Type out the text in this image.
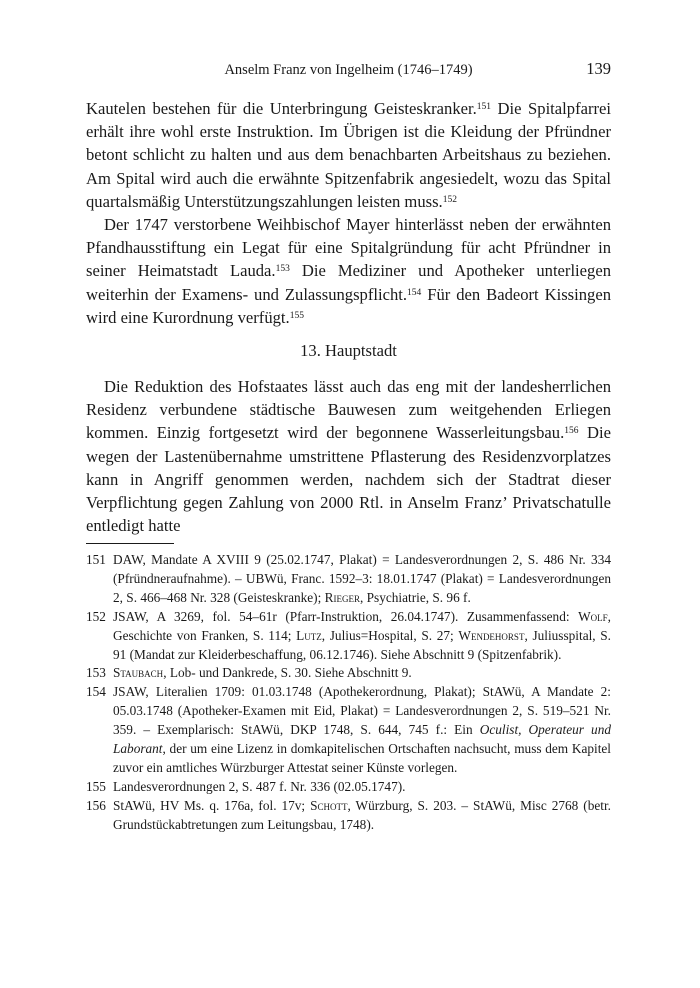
Anselm Franz von Ingelheim (1746–1749)	139

Kautelen bestehen für die Unterbringung Geisteskranker.$^{151}$ Die Spitalpfarrei erhält ihre wohl erste Instruktion. Im Übrigen ist die Kleidung der Pfründner betont schlicht zu halten und aus dem benachbarten Arbeitshaus zu beziehen. Am Spital wird auch die erwähnte Spitzenfabrik angesiedelt, wozu das Spital quartalsmäßig Unterstützungszahlungen leisten muss.$^{152}$

Der 1747 verstorbene Weihbischof Mayer hinterlässt neben der erwähnten Pfandhausstiftung ein Legat für eine Spitalgründung für acht Pfründner in seiner Heimatstadt Lauda.$^{153}$ Die Mediziner und Apotheker unterliegen weiterhin der Examens- und Zulassungspflicht.$^{154}$ Für den Badeort Kissingen wird eine Kurordnung verfügt.$^{155}$

13. Hauptstadt

Die Reduktion des Hofstaates lässt auch das eng mit der landesherrlichen Residenz verbundene städtische Bauwesen zum weitgehenden Erliegen kommen. Einzig fortgesetzt wird der begonnene Wasserleitungsbau.$^{156}$ Die wegen der Lastenübernahme umstrittene Pflasterung des Residenzvorplatzes kann in Angriff genommen werden, nachdem sich der Stadtrat dieser Verpflichtung gegen Zahlung von 2000 Rtl. in Anselm Franz’ Privatschatulle entledigt hatte

151 DAW, Mandate A XVIII 9 (25.02.1747, Plakat) = Landesverordnungen 2, S. 486 Nr. 334 (Pfründneraufnahme). – UBWü, Franc. 1592–3: 18.01.1747 (Plakat) = Landesverordnungen 2, S. 466–468 Nr. 328 (Geisteskranke); Rieger, Psychiatrie, S. 96 f.
152 JSAW, A 3269, fol. 54–61r (Pfarr-Instruktion, 26.04.1747). Zusammenfassend: Wolf, Geschichte von Franken, S. 114; Lutz, Julius=Hospital, S. 27; Wendehorst, Juliusspital, S. 91 (Mandat zur Kleiderbeschaffung, 06.12.1746). Siehe Abschnitt 9 (Spitzenfabrik).
153 Staubach, Lob- und Dankrede, S. 30. Siehe Abschnitt 9.
154 JSAW, Literalien 1709: 01.03.1748 (Apothekerordnung, Plakat); StAWü, A Mandate 2: 05.03.1748 (Apotheker-Examen mit Eid, Plakat) = Landesverordnungen 2, S. 519–521 Nr. 359. – Exemplarisch: StAWü, DKP 1748, S. 644, 745 f.: Ein Oculist, Operateur und Laborant, der um eine Lizenz in domkapitelischen Ortschaften nachsucht, muss dem Kapitel zuvor ein amtliches Würzburger Attestat seiner Künste vorlegen.
155 Landesverordnungen 2, S. 487 f. Nr. 336 (02.05.1747).
156 StAWü, HV Ms. q. 176a, fol. 17v; Schott, Würzburg, S. 203. – StAWü, Misc 2768 (betr. Grundstückabtretungen zum Leitungsbau, 1748).
